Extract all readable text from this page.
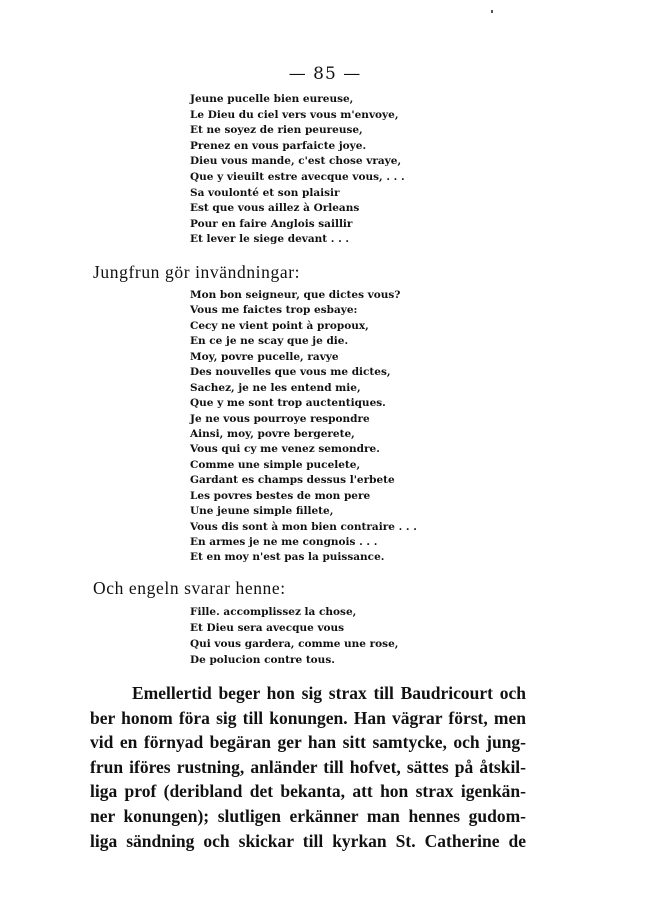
— 85 —
Jeune pucelle bien eureuse,
Le Dieu du ciel vers vous m'envoye,
Et ne soyez de rien peureuse,
Prenez en vous parfaicte joye.
Dieu vous mande, c'est chose vraye,
Que y vieuilt estre avecque vous, . . .
Sa voulonté et son plaisir
Est que vous aillez à Orleans
Pour en faire Anglois saillir
Et lever le siege devant . . .
Jungfrun gör invändningar:
Mon bon seigneur, que dictes vous?
Vous me faictes trop esbaye:
Cecy ne vient point à propoux,
En ce je ne scay que je die.
Moy, povre pucelle, ravye
Des nouvelles que vous me dictes,
Sachez, je ne les entend mie,
Que y me sont trop auctentiques.
Je ne vous pourroye respondre
Ainsi, moy, povre bergerete,
Vous qui cy me venez semondre.
Comme une simple pucelete,
Gardant es champs dessus l'erbete
Les povres bestes de mon pere
Une jeune simple fillete,
Vous dis sont à mon bien contraire . . .
En armes je ne me congnois . . .
Et en moy n'est pas la puissance.
Och engeln svarar henne:
Fille. accomplissez la chose,
Et Dieu sera avecque vous
Qui vous gardera, comme une rose,
De polucion contre tous.
Emellertid beger hon sig strax till Baudricourt och
ber honom föra sig till konungen. Han vägrar först, men
vid en förnyad begäran ger han sitt samtycke, och jung-
frun iföres rustning, anländer till hofvet, sättes på åtskil-
liga prof (deribland det bekanta, att hon strax igenkän-
ner konungen); slutligen erkänner man hennes gudom-
liga sändning och skickar till kyrkan St. Catherine de
